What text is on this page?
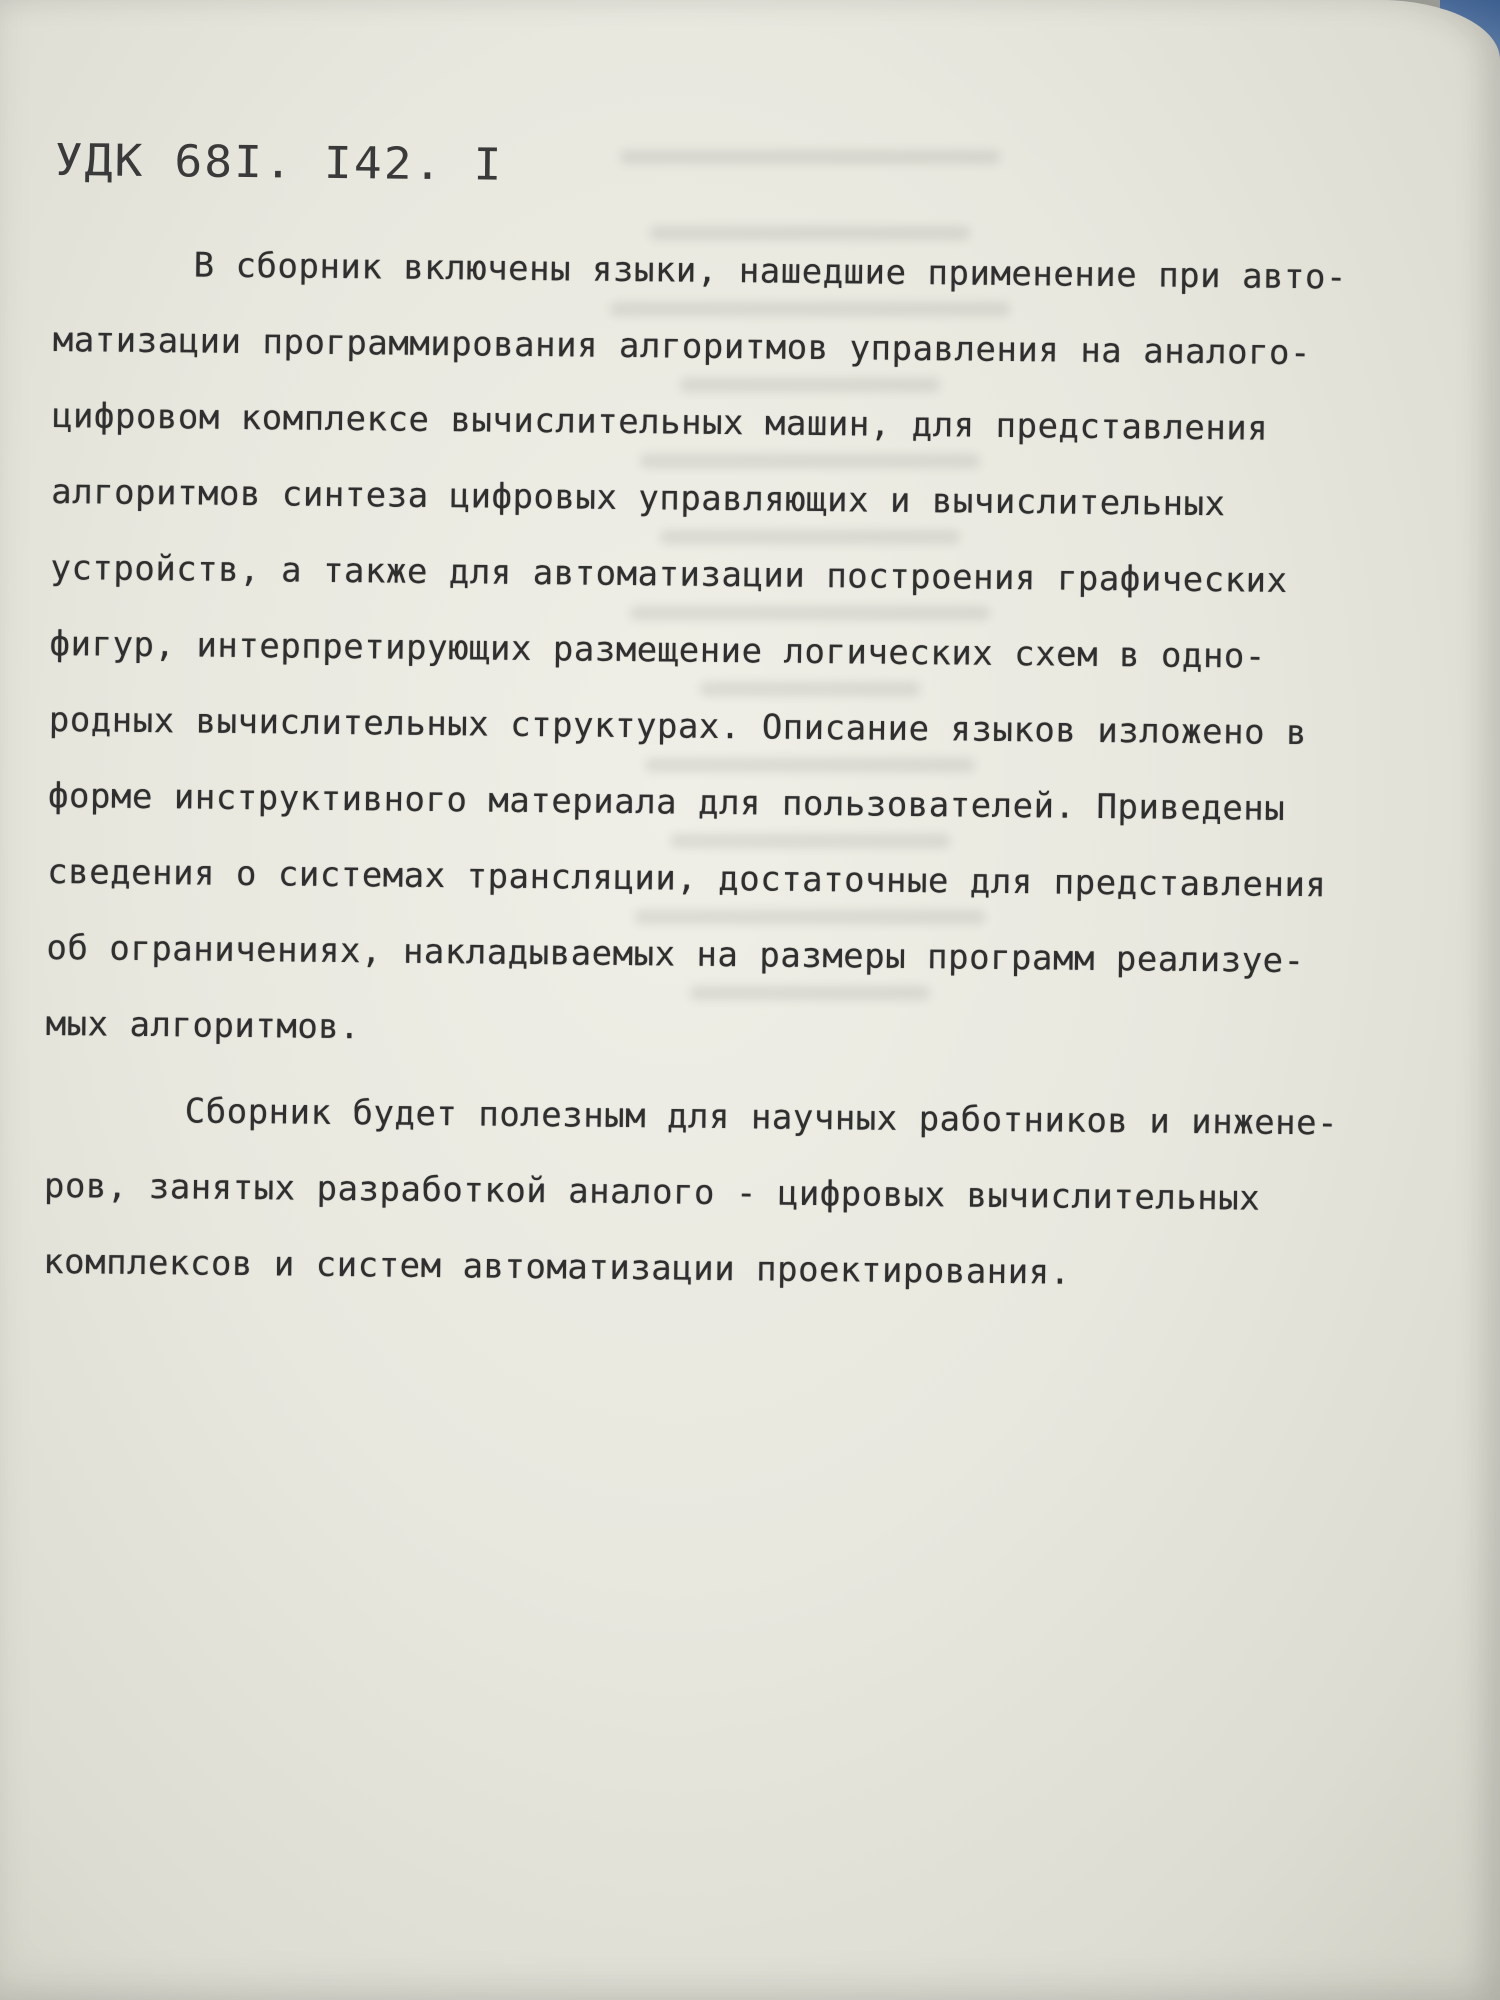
УДК 68I. I42. I

В сборник включены языки, нашедшие применение при авто-
матизации программирования алгоритмов управления на аналого-
цифровом комплексе вычислительных машин, для представления
алгоритмов синтеза цифровых управляющих и вычислительных
устройств, а также для автоматизации построения графических
фигур, интерпретирующих размещение логических схем в одно-
родных вычислительных структурах. Описание языков изложено в
форме инструктивного материала для пользователей. Приведены
сведения о системах трансляции, достаточные для представления
об ограничениях, накладываемых на размеры программ реализуе-
мых алгоритмов.

Сборник будет полезным для научных работников и инжене-
ров, занятых разработкой аналого - цифровых вычислительных
комплексов и систем автоматизации проектирования.
